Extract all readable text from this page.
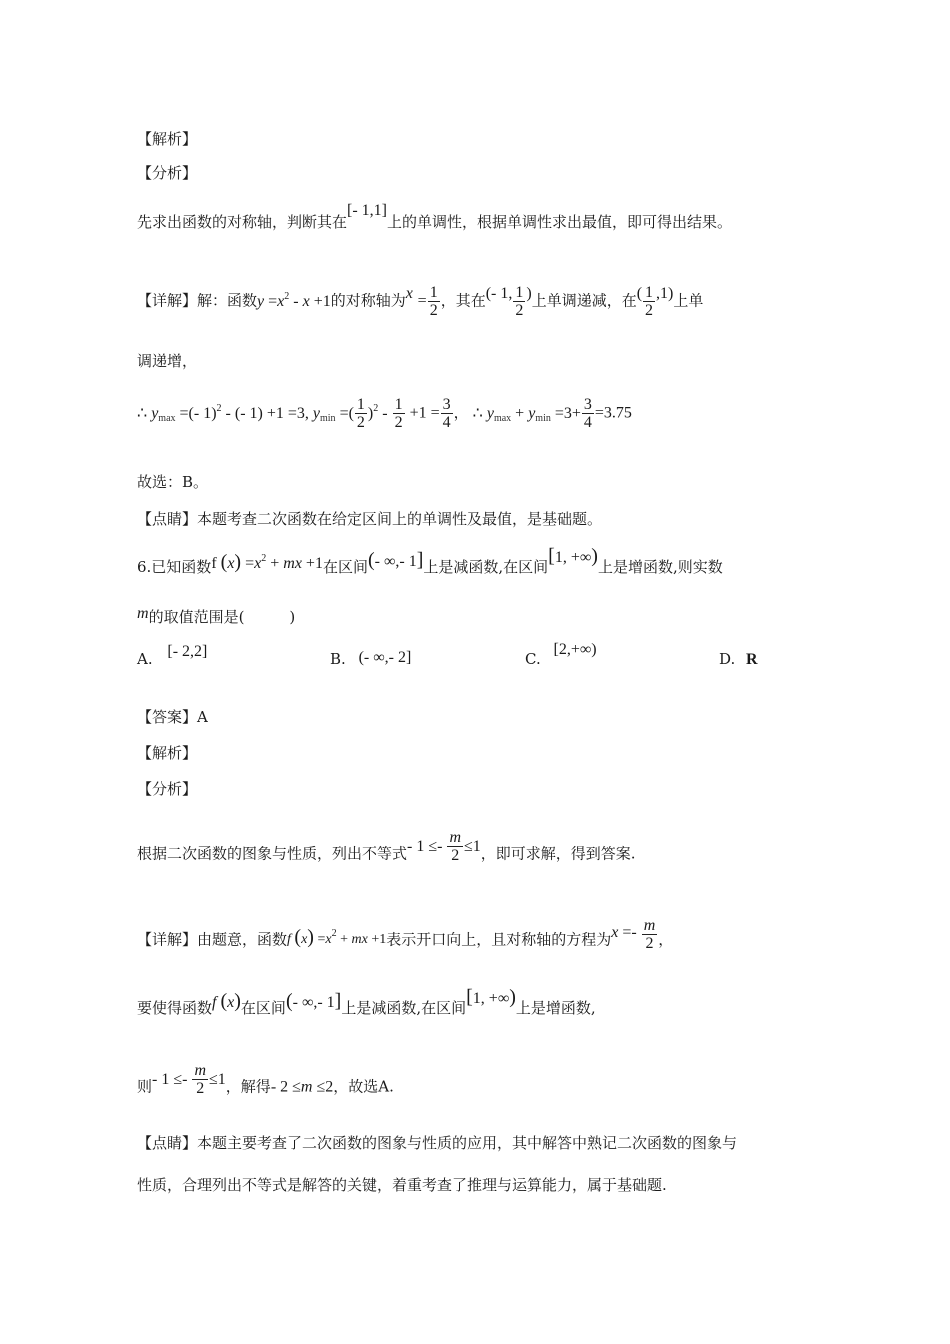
【解析】
【分析】
先求出函数的对称轴，判断其在[- 1,1]上的单调性，根据单调性求出最值，即可得出结果。
【详解】解：函数$y =x^2 - x +1$的对称轴为$x = \frac{1}{2}$ ，其在(- 1, $\frac{1}{2}$ )上单调递减，在( $\frac{1}{2} ,1$)上单
调递增，
∴ $y_{max}$ =(- 1)$^2$ - (- 1) +1 =3, $y_{min}$ =( $\frac{1}{2} )^2 - \frac{1}{2} +1 = \frac{3}{4}$ ， ∴ $y_{max} + y_{min} =3+ \frac{3}{4} =3.75$
故选：B。
【点睛】本题考查二次函数在给定区间上的单调性及最值，是基础题。
6.已知函数f $(x) =x^2$ + mx +1在区间(- ∞,- 1]上是减函数,在区间[1, +∞)上是增函数,则实数
m的取值范围是(　　　)
A. [- 2,2]	B. (- ∞,- 2]	C. [2,+∞)
D. R
【答案】A
【解析】
【分析】
根据二次函数的图象与性质，列出不等式- $1 \le- \frac{m}{2} \le 1$，即可求解，得到答案.
【详解】由题意，函数f $(x) =x^2$ + mx +1表示开口向上，且对称轴的方程为$x =- \frac{m}{2}$ ，
要使得函数f (x)在区间(- ∞,- 1]上是减函数,在区间[1, +∞)上是增函数,
则- $1 \le- \frac{m}{2} \le 1$，解得- 2 ≤m ≤2，故选A.
【点睛】本题主要考查了二次函数的图象与性质的应用，其中解答中熟记二次函数的图象与
性质，合理列出不等式是解答的关键，着重考查了推理与运算能力，属于基础题.
